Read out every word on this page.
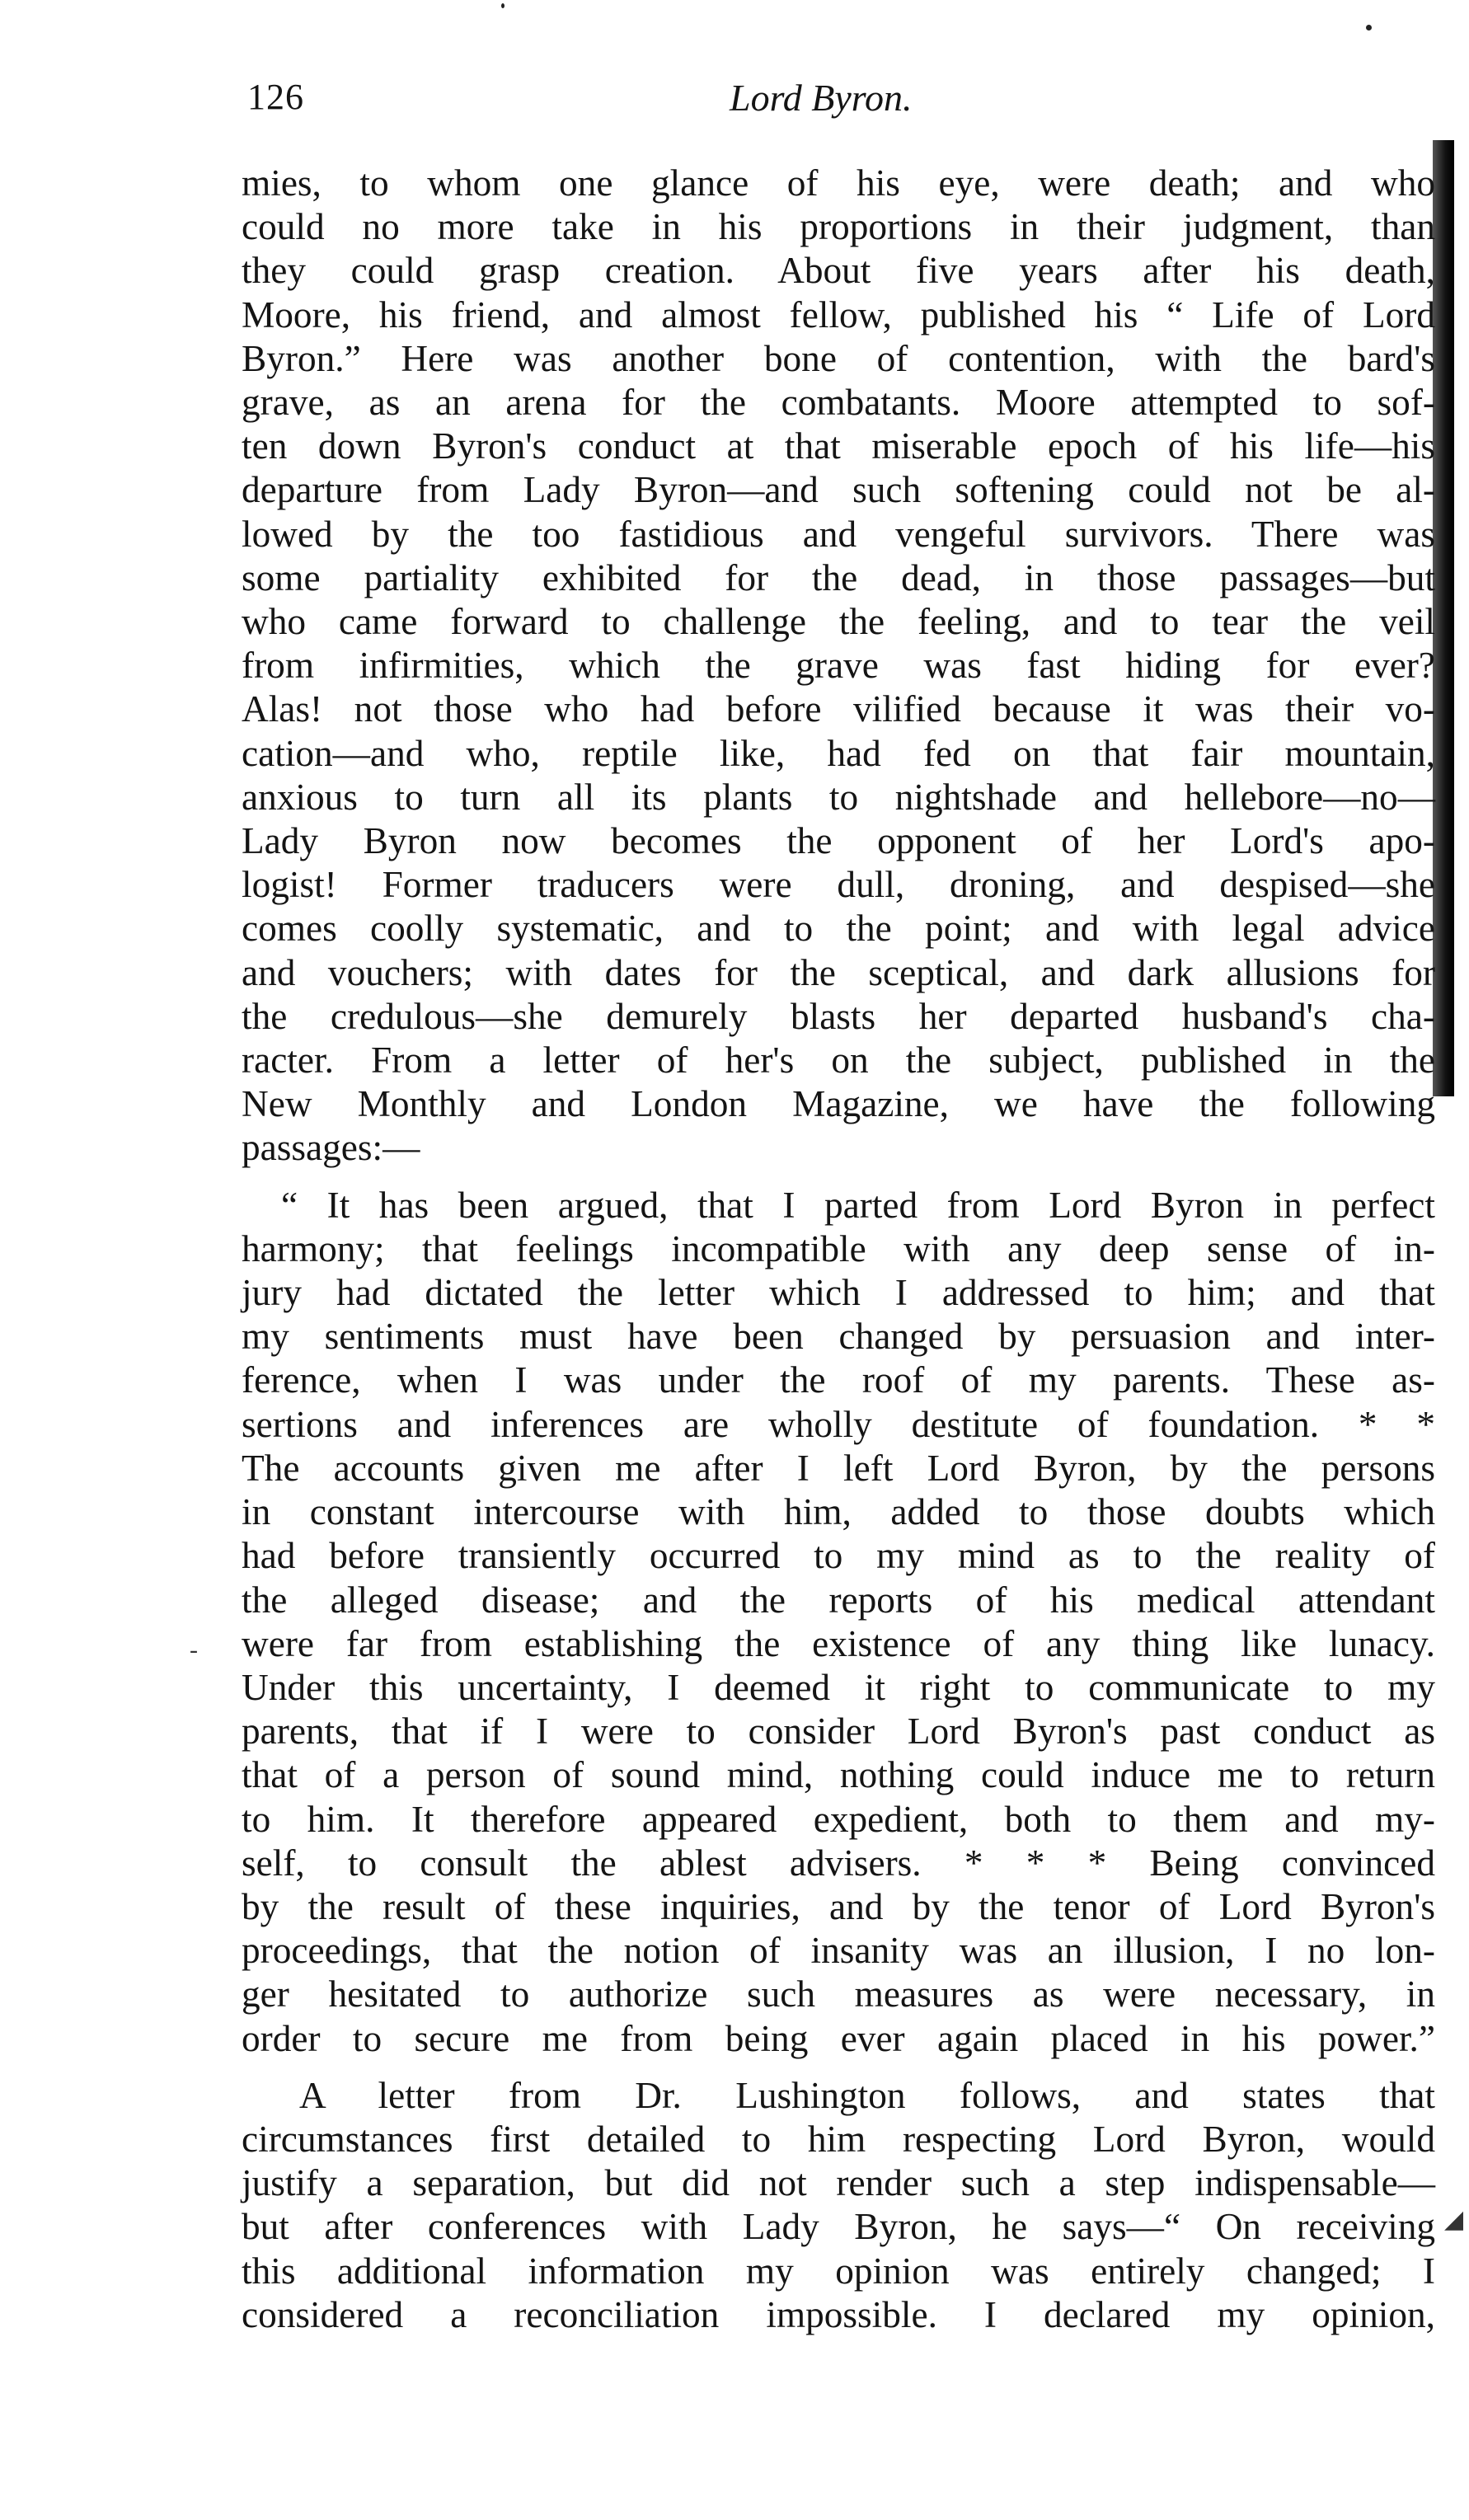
-
◢
126	Lord Byron.
mies, to whom one glance of his eye, were death; and who
could no more take in his proportions in their judgment, than
they could grasp creation. About five years after his death,
Moore, his friend, and almost fellow, published his “ Life of Lord
Byron.” Here was another bone of contention, with the bard's
grave, as an arena for the combatants. Moore attempted to sof-
ten down Byron's conduct at that miserable epoch of his life—his
departure from Lady Byron—and such softening could not be al-
lowed by the too fastidious and vengeful survivors. There was
some partiality exhibited for the dead, in those passages—but
who came forward to challenge the feeling, and to tear the veil
from infirmities, which the grave was fast hiding for ever?
Alas! not those who had before vilified because it was their vo-
cation—and who, reptile like, had fed on that fair mountain,
anxious to turn all its plants to nightshade and hellebore—no—
Lady Byron now becomes the opponent of her Lord's apo-
logist! Former traducers were dull, droning, and despised—she
comes coolly systematic, and to the point; and with legal advice
and vouchers; with dates for the sceptical, and dark allusions for
the credulous—she demurely blasts her departed husband's cha-
racter. From a letter of her's on the subject, published in the
New Monthly and London Magazine, we have the following
passages:—
“ It has been argued, that I parted from Lord Byron in perfect
harmony; that feelings incompatible with any deep sense of in-
jury had dictated the letter which I addressed to him; and that
my sentiments must have been changed by persuasion and inter-
ference, when I was under the roof of my parents. These as-
sertions and inferences are wholly destitute of foundation. * *
The accounts given me after I left Lord Byron, by the persons
in constant intercourse with him, added to those doubts which
had before transiently occurred to my mind as to the reality of
the alleged disease; and the reports of his medical attendant
were far from establishing the existence of any thing like lunacy.
Under this uncertainty, I deemed it right to communicate to my
parents, that if I were to consider Lord Byron's past conduct as
that of a person of sound mind, nothing could induce me to return
to him. It therefore appeared expedient, both to them and my-
self, to consult the ablest advisers. * * * Being convinced
by the result of these inquiries, and by the tenor of Lord Byron's
proceedings, that the notion of insanity was an illusion, I no lon-
ger hesitated to authorize such measures as were necessary, in
order to secure me from being ever again placed in his power.”
A letter from Dr. Lushington follows, and states that
circumstances first detailed to him respecting Lord Byron, would
justify a separation, but did not render such a step indispensable—
but after conferences with Lady Byron, he says—“ On receiving
this additional information my opinion was entirely changed; I
considered a reconciliation impossible. I declared my opinion,
